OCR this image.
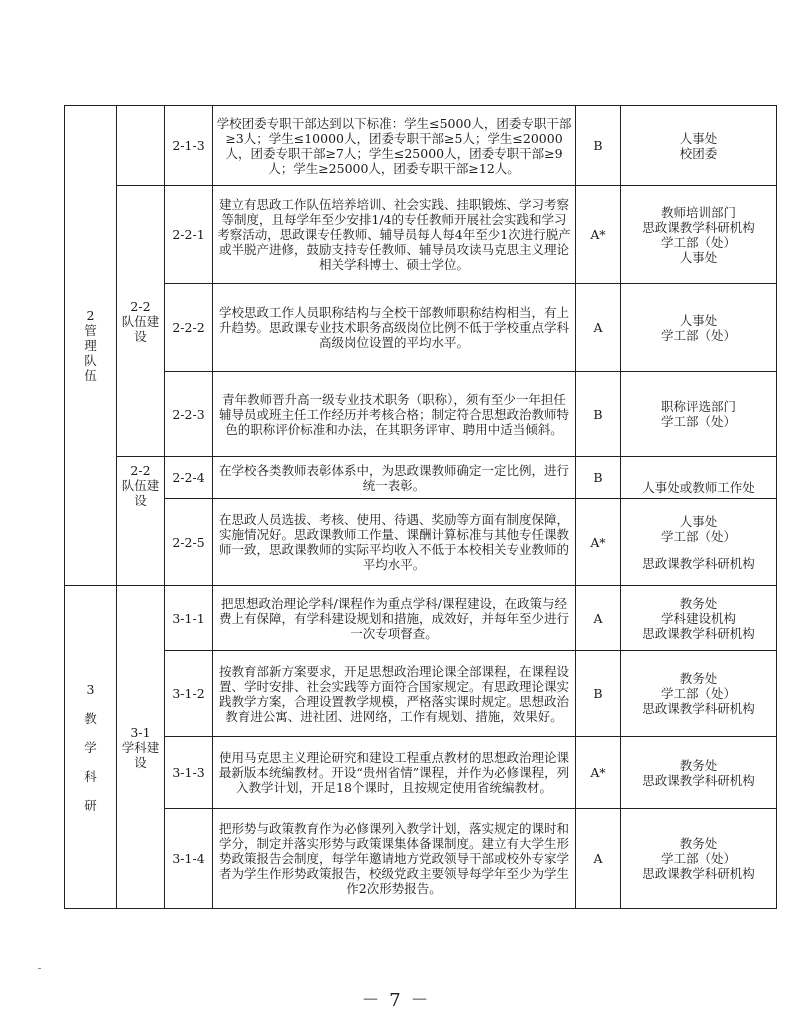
2
管
理
队
伍		2-1-3	学校团委专职干部达到以下标准：学生≤5000人，团委专职干部≥3人；学生≤10000人，团委专职干部≥5人；学生≤20000人，团委专职干部≥7人；学生≤25000人，团委专职干部≥9人；学生≥25000人，团委专职干部≥12人。	B	人事处
校团委

	2-2
队伍建设	2-2-1	建立有思政工作队伍培养培训、社会实践、挂职锻炼、学习考察等制度，且每学年至少安排1/4的专任教师开展社会实践和学习考察活动，思政课专任教师、辅导员每人每4年至少1次进行脱产或半脱产进修，鼓励支持专任教师、辅导员攻读马克思主义理论相关学科博士、硕士学位。	A*	教师培训部门
思政课教学科研机构
学工部（处）
人事处

		2-2-2	学校思政工作人员职称结构与全校干部教师职称结构相当，有上升趋势。思政课专业技术职务高级岗位比例不低于学校重点学科高级岗位设置的平均水平。	A	人事处
学工部（处）

		2-2-3	青年教师晋升高一级专业技术职务（职称），须有至少一年担任辅导员或班主任工作经历并考核合格；制定符合思想政治教师特色的职称评价标准和办法，在其职务评审、聘用中适当倾斜。	B	职称评选部门
学工部（处）

	2-2
队伍建设	2-2-4	在学校各类教师表彰体系中，为思政课教师确定一定比例，进行统一表彰。	B	人事处或教师工作处

		2-2-5	在思政人员选拔、考核、使用、待遇、奖励等方面有制度保障，实施情况好。思政课教师工作量、课酬计算标准与其他专任课教师一致，思政课教师的实际平均收入不低于本校相关专业教师的平均水平。	A*	人事处
学工部（处）
思政课教学科研机构

3
教
学
科
研	3-1
学科建设	3-1-1	把思想政治理论学科/课程作为重点学科/课程建设，在政策与经费上有保障，有学科建设规划和措施，成效好，并每年至少进行一次专项督查。	A	教务处
学科建设机构
思政课教学科研机构

		3-1-2	按教育部新方案要求，开足思想政治理论课全部课程，在课程设置、学时安排、社会实践等方面符合国家规定。有思政理论课实践教学方案，合理设置教学规模，严格落实课时规定。思想政治教育进公寓、进社团、进网络，工作有规划、措施，效果好。	B	教务处
学工部（处）
思政课教学科研机构

		3-1-3	使用马克思主义理论研究和建设工程重点教材的思想政治理论课最新版本统编教材。开设“贵州省情”课程，并作为必修课程，列入教学计划，开足18个课时，且按规定使用省统编教材。	A*	教务处
思政课教学科研机构

		3-1-4	把形势与政策教育作为必修课列入教学计划，落实规定的课时和学分，制定并落实形势与政策课集体备课制度。建立有大学生形势政策报告会制度，每学年邀请地方党政领导干部或校外专家学者为学生作形势政策报告，校级党政主要领导每学年至少为学生作2次形势报告。	A	教务处
学工部（处）
思政课教学科研机构
－ 7 －
